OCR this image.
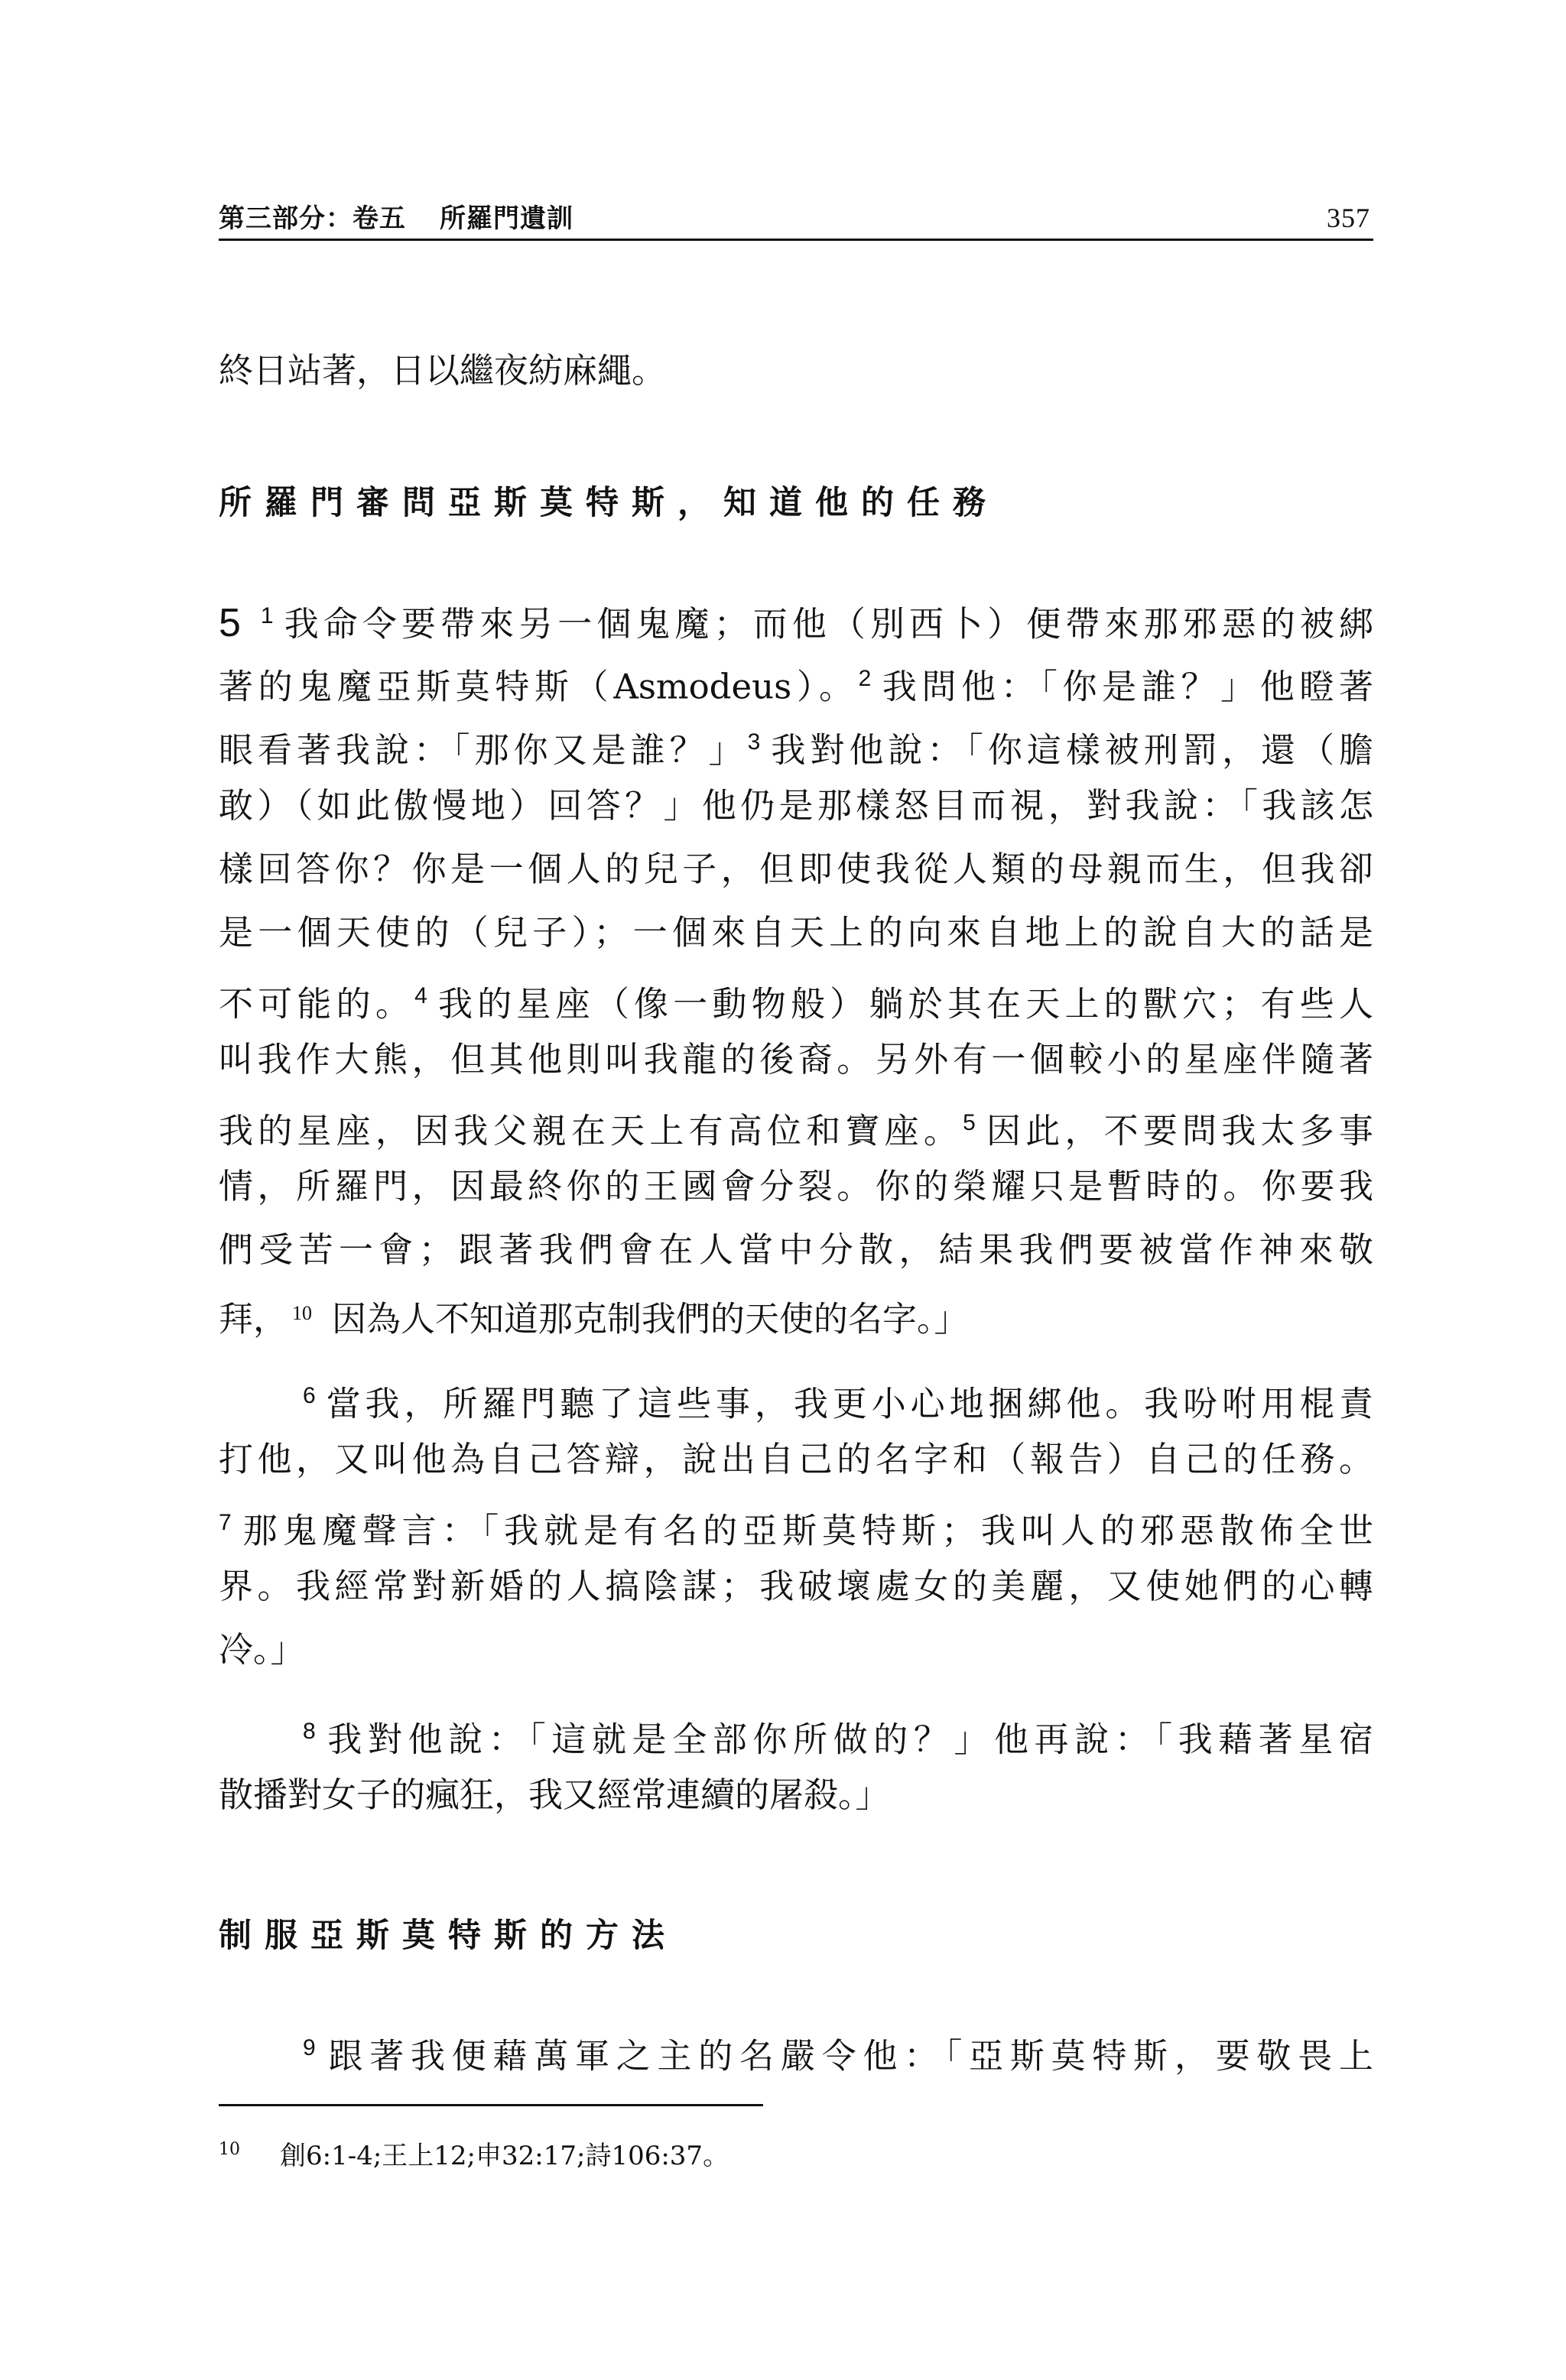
第三部分：卷五 所羅門遺訓	357
終日站著，日以繼夜紡麻繩。
所羅門審問亞斯莫特斯，知道他的任務
5 $^1$ 我命令要帶來另一個鬼魔；而他（別西卜）便帶來那邪惡的被綁
著的鬼魔亞斯莫特斯（Asmodeus）。$^2$ 我問他：「你是誰？」他瞪著
眼看著我說：「那你又是誰？」$^3$ 我對他說：「你這樣被刑罰，還（膽
敢）（如此傲慢地）回答？」他仍是那樣怒目而視，對我說：「我該怎
樣回答你？你是一個人的兒子，但即使我從人類的母親而生，但我卻
是一個天使的（兒子）；一個來自天上的向來自地上的說自大的話是
不可能的。$^4$ 我的星座（像一動物般）躺於其在天上的獸穴；有些人
叫我作大熊，但其他則叫我龍的後裔。另外有一個較小的星座伴隨著
我的星座，因我父親在天上有高位和寶座。$^5$ 因此，不要問我太多事
情，所羅門，因最終你的王國會分裂。你的榮耀只是暫時的。你要我
們受苦一會；跟著我們會在人當中分散，結果我們要被當作神來敬
拜， $^{10}$ 因為人不知道那克制我們的天使的名字。」
$^6$ 當我，所羅門聽了這些事，我更小心地捆綁他。我吩咐用棍責
打他，又叫他為自己答辯，說出自己的名字和（報告）自己的任務。
$^7$ 那鬼魔聲言：「我就是有名的亞斯莫特斯；我叫人的邪惡散佈全世
界。我經常對新婚的人搞陰謀；我破壞處女的美麗，又使她們的心轉
冷。」
$^8$ 我對他說：「這就是全部你所做的？」他再說：「我藉著星宿
散播對女子的瘋狂，我又經常連續的屠殺。」
制服亞斯莫特斯的方法
$^9$ 跟著我便藉萬軍之主的名嚴令他：「亞斯莫特斯，要敬畏上
$^{10}$ 創6:1-4;王上12;申32:17;詩106:37。
